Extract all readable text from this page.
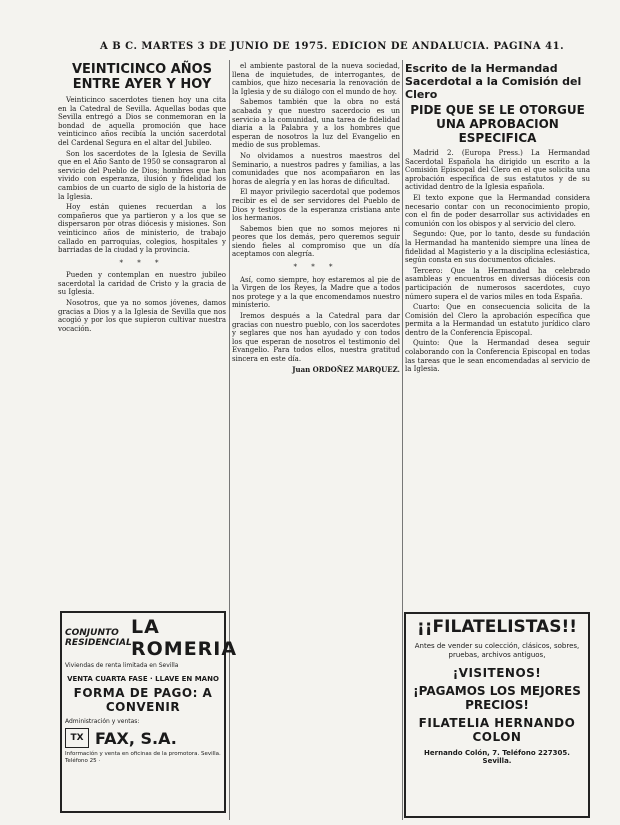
A B C. MARTES 3 DE JUNIO DE 1975. EDICION DE ANDALUCIA. PAGINA 41.
VEINTICINCO AÑOS ENTRE AYER Y HOY

Veinticinco sacerdotes tienen hoy una cita en la Catedral de Sevilla. Aquellas bodas que Sevilla entregó a Dios se conmemoran en la bondad de aquella promoción que hace veinticinco años recibía la unción sacerdotal del Cardenal Segura en el altar del Jubileo.

Son los sacerdotes de la Iglesia de Sevilla que en el Año Santo de 1950 se consagraron al servicio del Pueblo de Dios; hombres que han vivido con esperanza, ilusión y fidelidad los cambios de un cuarto de siglo de la historia de la Iglesia.

Hoy están quienes recuerdan a los compañeros que ya partieron y a los que se dispersaron por otras diócesis y misiones. Son veinticinco años de ministerio, de trabajo callado en parroquias, colegios, hospitales y barriadas de la ciudad y la provincia.

* * *

Pueden y contemplan en nuestro jubileo sacerdotal la caridad de Cristo y la gracia de su Iglesia.

Nosotros, que ya no somos jóvenes, damos gracias a Dios y a la Iglesia de Sevilla que nos acogió y por los que supieron cultivar nuestra vocación.

el ambiente pastoral de la nueva sociedad, llena de inquietudes, de interrogantes, de cambios, que hizo necesaria la renovación de la Iglesia y de su diálogo con el mundo de hoy.

Sabemos también que la obra no está acabada y que nuestro sacerdocio es un servicio a la comunidad, una tarea de fidelidad diaria a la Palabra y a los hombres que esperan de nosotros la luz del Evangelio en medio de sus problemas.

No olvidamos a nuestros maestros del Seminario, a nuestros padres y familias, a las comunidades que nos acompañaron en las horas de alegría y en las horas de dificultad.

El mayor privilegio sacerdotal que podemos recibir es el de ser servidores del Pueblo de Dios y testigos de la esperanza cristiana ante los hermanos.

Sabemos bien que no somos mejores ni peores que los demás, pero queremos seguir siendo fieles al compromiso que un día aceptamos con alegría.

* * *

Así, como siempre, hoy estaremos al pie de la Virgen de los Reyes, la Madre que a todos nos protege y a la que encomendamos nuestro ministerio.

Iremos después a la Catedral para dar gracias con nuestro pueblo, con los sacerdotes y seglares que nos han ayudado y con todos los que esperan de nosotros el testimonio del Evangelio. Para todos ellos, nuestra gratitud sincera en este día.

Juan ORDOÑEZ MARQUEZ.
Escrito de la Hermandad Sacerdotal a la Comisión del Clero
PIDE QUE SE LE OTORGUE UNA APROBACION ESPECIFICA

Madrid 2. (Europa Press.) La Hermandad Sacerdotal Española ha dirigido un escrito a la Comisión Episcopal del Clero en el que solicita una aprobación específica de sus estatutos y de su actividad dentro de la Iglesia española.

El texto expone que la Hermandad considera necesario contar con un reconocimiento propio, con el fin de poder desarrollar sus actividades en comunión con los obispos y al servicio del clero.

Segundo: Que, por lo tanto, desde su fundación la Hermandad ha mantenido siempre una línea de fidelidad al Magisterio y a la disciplina eclesiástica, según consta en sus documentos oficiales.

Tercero: Que la Hermandad ha celebrado asambleas y encuentros en diversas diócesis con participación de numerosos sacerdotes, cuyo número supera el de varios miles en toda España.

Cuarto: Que en consecuencia solicita de la Comisión del Clero la aprobación específica que permita a la Hermandad un estatuto jurídico claro dentro de la Conferencia Episcopal.

Quinto: Que la Hermandad desea seguir colaborando con la Conferencia Episcopal en todas las tareas que le sean encomendadas al servicio de la Iglesia.

CONJUNTO RESIDENCIAL
LA ROMERIA
Viviendas de renta limitada en Sevilla
VENTA CUARTA FASE · LLAVE EN MANO
FORMA DE PAGO: A CONVENIR
Administración y ventas:
TX FAX, S.A.
Información y venta en oficinas de la promotora. Sevilla. Teléfono 25 ·
¡¡FILATELISTAS!!
Antes de vender su colección, clásicos, sobres, pruebas, archivos antiguos,
¡VISITENOS!
¡PAGAMOS LOS MEJORES PRECIOS!
FILATELIA HERNANDO COLON
Hernando Colón, 7. Teléfono 227305. Sevilla.
